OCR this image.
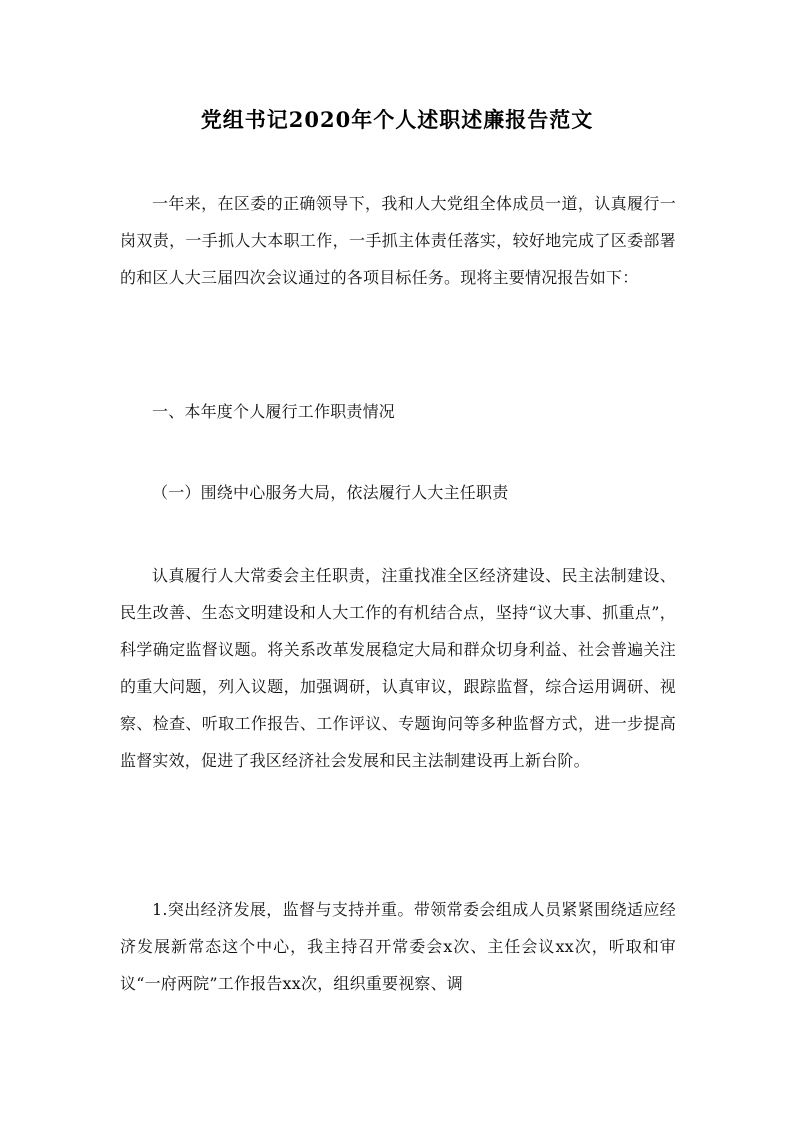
党组书记2020年个人述职述廉报告范文

一年来，在区委的正确领导下，我和人大党组全体成员一道，认真履行一岗双责，一手抓人大本职工作，一手抓主体责任落实，较好地完成了区委部署的和区人大三届四次会议通过的各项目标任务。现将主要情况报告如下：

一、本年度个人履行工作职责情况

（一）围绕中心服务大局，依法履行人大主任职责

认真履行人大常委会主任职责，注重找准全区经济建设、民主法制建设、民生改善、生态文明建设和人大工作的有机结合点，坚持“议大事、抓重点”，科学确定监督议题。将关系改革发展稳定大局和群众切身利益、社会普遍关注的重大问题，列入议题，加强调研，认真审议，跟踪监督，综合运用调研、视察、检查、听取工作报告、工作评议、专题询问等多种监督方式，进一步提高监督实效，促进了我区经济社会发展和民主法制建设再上新台阶。

1.突出经济发展，监督与支持并重。带领常委会组成人员紧紧围绕适应经济发展新常态这个中心，我主持召开常委会x次、主任会议xx次，听取和审议“一府两院”工作报告xx次，组织重要视察、调
